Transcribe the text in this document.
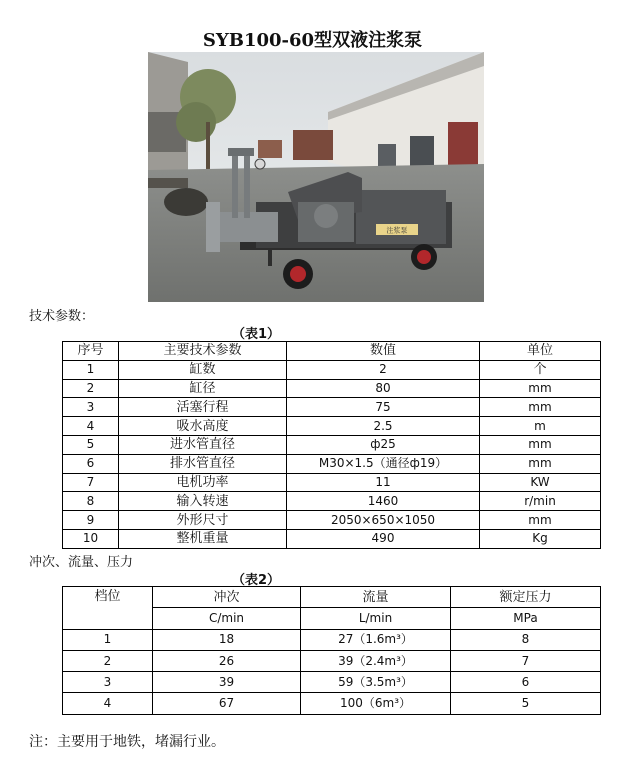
SYB100-60型双液注浆泵
注浆泵
技术参数：
（表1）
序号	主要技术参数	数值	单位
1	缸数	2	个
2	缸径	80	mm
3	活塞行程	75	mm
4	吸水高度	2.5	m
5	进水管直径	ф25	mm
6	排水管直径	M30×1.5（通径ф19）	mm
7	电机功率	11	KW
8	输入转速	1460	r/min
9	外形尺寸	2050×650×1050	mm
10	整机重量	490	Kg
冲次、流量、压力
（表2）
档位	冲次	流量	额定压力
	C/min	L/min	MPa
1	18	27（1.6m³）	8
2	26	39（2.4m³）	7
3	39	59（3.5m³）	6
4	67	100（6m³）	5
注：主要用于地铁，堵漏行业。
